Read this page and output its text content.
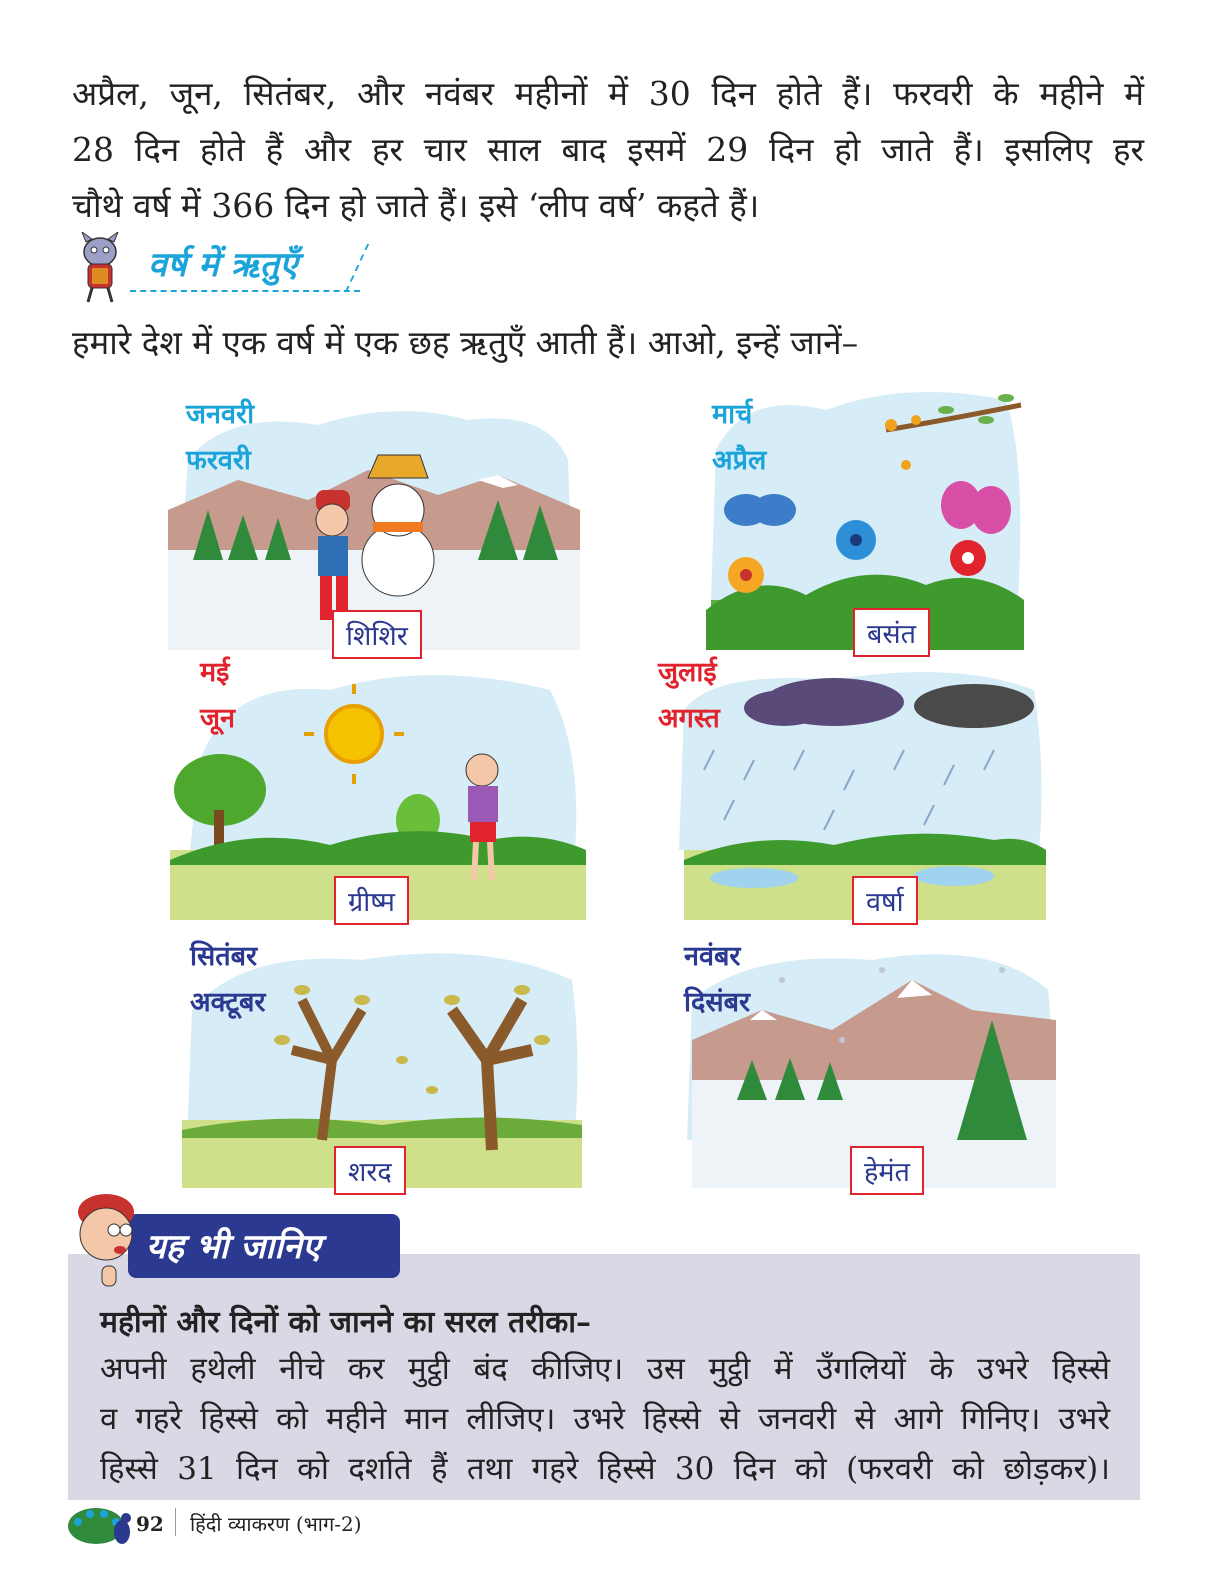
अप्रैल, जून, सितंबर, और नवंबर महीनों में 30 दिन होते हैं। फरवरी के महीने में
28 दिन होते हैं और हर चार साल बाद इसमें 29 दिन हो जाते हैं। इसलिए हर
चौथे वर्ष में 366 दिन हो जाते हैं। इसे ‘लीप वर्ष’ कहते हैं।
वर्ष में ऋतुएँ
हमारे देश में एक वर्ष में एक छह ऋतुएँ आती हैं। आओ, इन्हें जानें–
जनवरी
फरवरी
शिशिर
मार्च
अप्रैल
बसंत
मई
जून
ग्रीष्म
जुलाई
अगस्त
वर्षा
सितंबर
अक्टूबर
शरद
नवंबर
दिसंबर
हेमंत
यह भी जानिए
महीनों और दिनों को जानने का सरल तरीका–
अपनी हथेली नीचे कर मुट्ठी बंद कीजिए। उस मुट्ठी में उँगलियों के उभरे हिस्से
व गहरे हिस्से को महीने मान लीजिए। उभरे हिस्से से जनवरी से आगे गिनिए। उभरे
हिस्से 31 दिन को दर्शाते हैं तथा गहरे हिस्से 30 दिन को (फरवरी को छोड़कर)।
92 हिंदी व्याकरण (भाग-2)
